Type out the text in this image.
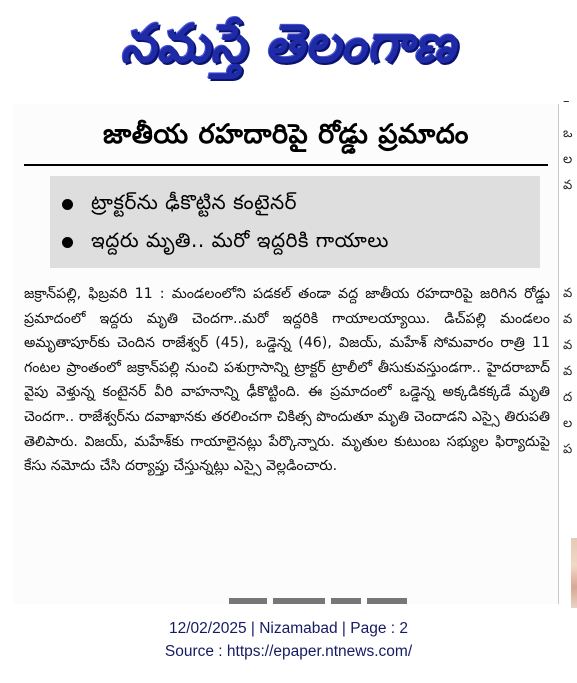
నమస్తే తెలంగాణ
జాతీయ రహదారిపై రోడ్డు ప్రమాదం
ట్రాక్టర్‌ను ఢీకొట్టిన కంటైనర్
ఇద్దరు మృతి.. మరో ఇద్దరికి గాయాలు
జక్రాన్‌పల్లి, ఫిబ్రవరి 11 : మండలంలోని పడకల్ తండా వద్ద జాతీయ రహదారిపై జరిగిన రోడ్డు ప్రమాదంలో ఇద్దరు మృతి చెందగా..మరో ఇద్దరికి గాయాలయ్యాయి. డిచ్‌పల్లి మండలం అమృతాపూర్‌కు చెందిన రాజేశ్వర్ (45), ఒడ్డెన్న (46), విజయ్, మహేశ్ సోమవారం రాత్రి 11 గంటల ప్రాంతంలో జక్రాన్‌పల్లి నుంచి పశుగ్రాసాన్ని ట్రాక్టర్ ట్రాలీలో తీసుకువస్తుండగా.. హైదరాబాద్ వైపు వెళ్తున్న కంటైనర్ వీరి వాహనాన్ని ఢీకొట్టింది. ఈ ప్రమాదంలో ఒడ్డెన్న అక్కడికక్కడే మృతి చెందగా.. రాజేశ్వర్‌ను దవాఖానకు తరలించగా చికిత్స పొందుతూ మృతి చెందాడని ఎస్సై తిరుపతి తెలిపారు. విజయ్, మహేశ్‌కు గాయాలైనట్లు పేర్కొన్నారు. మృతుల కుటుంబ సభ్యుల ఫిర్యాదుపై కేసు నమోదు చేసి దర్యాప్తు చేస్తున్నట్లు ఎస్సై వెల్లడించారు.
–
ఒ
ల
వ
వ
వ
వ
వ
ద
ల
ప
12/02/2025 | Nizamabad | Page : 2
Source : https://epaper.ntnews.com/
